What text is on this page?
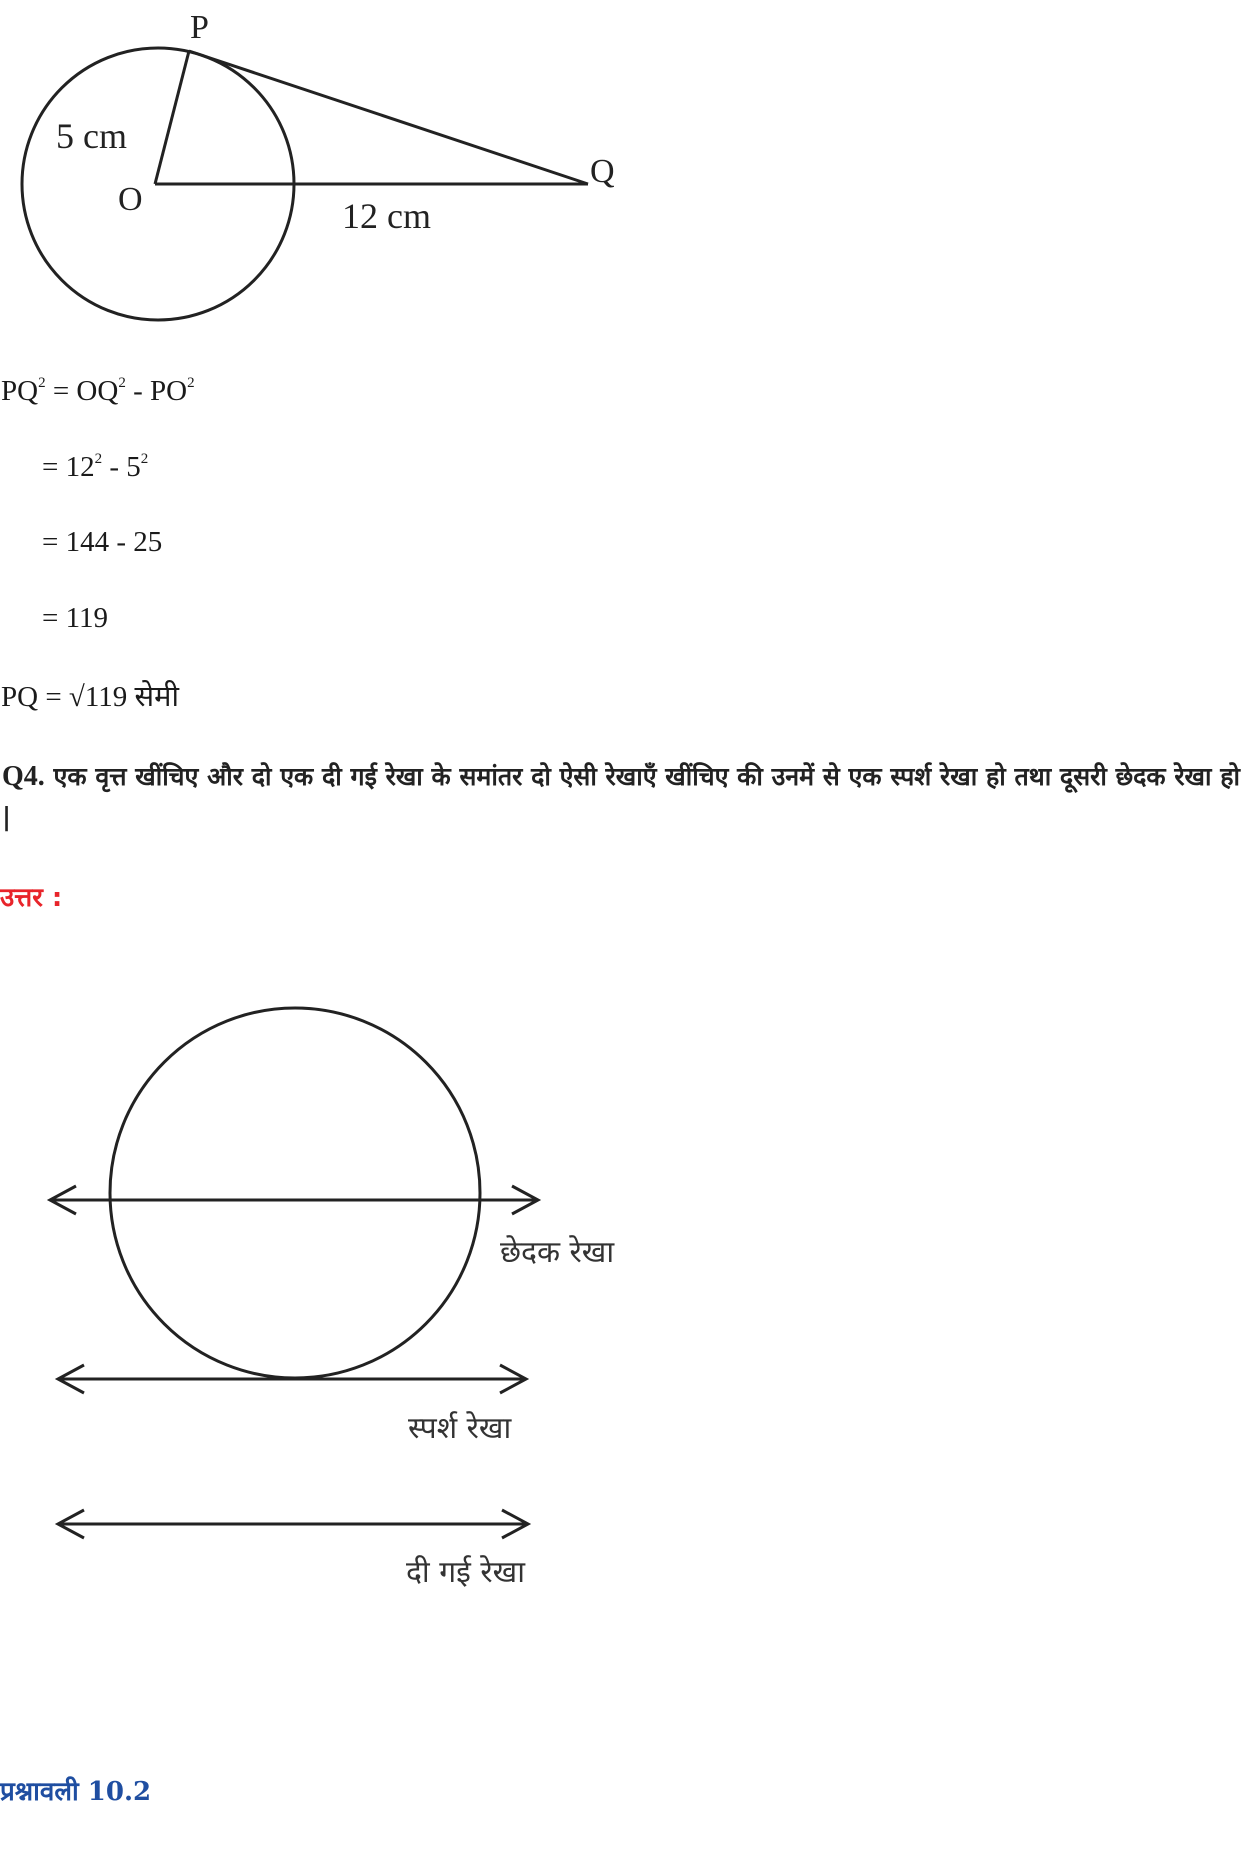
P
O
Q
5 cm
12 cm
$PQ^2 = OQ^2 - PO^2$
= $12^2 - 5^2$
= 144 - 25
= 119
PQ = √119 सेमी
Q4. एक वृत्त खींचिए और दो एक दी गई रेखा के समांतर दो ऐसी रेखाएँ खींचिए की उनमें से एक स्पर्श रेखा हो तथा दूसरी छेदक रेखा हो |
उत्तर :
छेदक रेखा
स्पर्श रेखा
दी गई रेखा
प्रश्नावली 10.2
